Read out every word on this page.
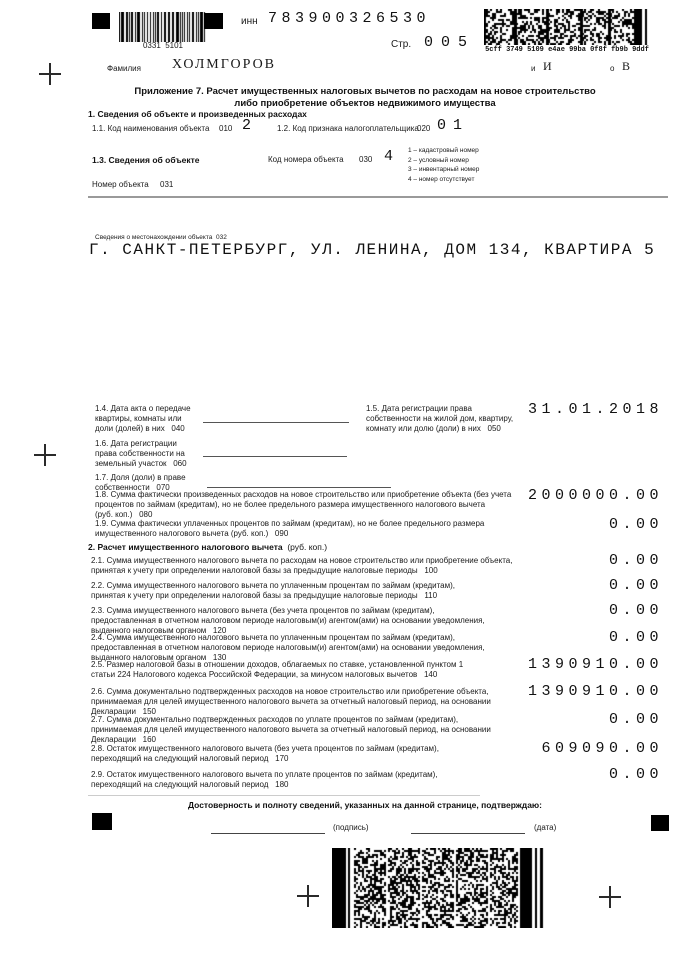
0331  5101
инн 783900326530
Стр. 005 5cff 3749 5109 e4ae 99ba 0f8f fb9b 9ddf
Фамилия ХОЛМГОРОВ	и И	о В
Приложение 7. Расчет имущественных налоговых вычетов по расходам на новое строительство
либо приобретение объектов недвижимого имущества
1. Сведения об объекте и произведенных расходах
1.1. Код наименования объекта 010 2	1.2. Код признака налогоплательщика
020 01
1.3. Сведения об объекте	Код номера объекта 030 4 1 – кадастровый номер
2 – условный номер
3 – инвентарный номер
4 – номер отсутствует
Номер объекта 031
Сведения о местонахождении объекта 032
Г. САНКТ-ПЕТЕРБУРГ, УЛ. ЛЕНИНА, ДОМ 134, КВАРТИРА 5
1.4. Дата акта о передаче
квартиры, комнаты или
доли (долей) в них   040
1.5. Дата регистрации права
собственности на жилой дом, квартиру,
комнату или долю (доли) в них   050
31.01.2018
1.6. Дата регистрации
права собственности на
земельный участок   060
1.7. Доля (доли) в праве
собственности   070
1.8. Сумма фактически произведенных расходов на новое строительство или приобретение объекта (без учета
процентов по займам (кредитам), но не более предельного размера имущественного налогового вычета
(руб. коп.)   080
2000000.00
1.9. Сумма фактически уплаченных процентов по займам (кредитам), но не более предельного размера
имущественного налогового вычета (руб. коп.)   090
0.00
2. Расчет имущественного налогового вычета (руб. коп.)
2.1. Сумма имущественного налогового вычета по расходам на новое строительство или приобретение объекта,
принятая к учету при определении налоговой базы за предыдущие налоговые периоды   100
0.00
2.2. Сумма имущественного налогового вычета по уплаченным процентам по займам (кредитам),
принятая к учету при определении налоговой базы за предыдущие налоговые периоды   110
0.00
2.3. Сумма имущественного налогового вычета (без учета процентов по займам (кредитам),
предоставленная в отчетном налоговом периоде налоговым(и) агентом(ами) на основании уведомления,
выданного налоговым органом   120
0.00
2.4. Сумма имущественного налогового вычета по уплаченным процентам по займам (кредитам),
предоставленная в отчетном налоговом периоде налоговым(и) агентом(ами) на основании уведомления,
выданного налоговым органом   130
0.00
2.5. Размер налоговой базы в отношении доходов, облагаемых по ставке, установленной пунктом 1
статьи 224 Налогового кодекса Российской Федерации, за минусом налоговых вычетов   140
1390910.00
2.6. Сумма документально подтвержденных расходов на новое строительство или приобретение объекта,
принимаемая для целей имущественного налогового вычета за отчетный налоговый период, на основании
Декларации   150
1390910.00
2.7. Сумма документально подтвержденных расходов по уплате процентов по займам (кредитам),
принимаемая для целей имущественного налогового вычета за отчетный налоговый период, на основании
Декларации   160
0.00
2.8. Остаток имущественного налогового вычета (без учета процентов по займам (кредитам),
переходящий на следующий налоговый период   170
609090.00
2.9. Остаток имущественного налогового вычета по уплате процентов по займам (кредитам),
переходящий на следующий налоговый период   180
0.00
Достоверность и полноту сведений, указанных на данной странице, подтверждаю:
(подпись)	(дата)
